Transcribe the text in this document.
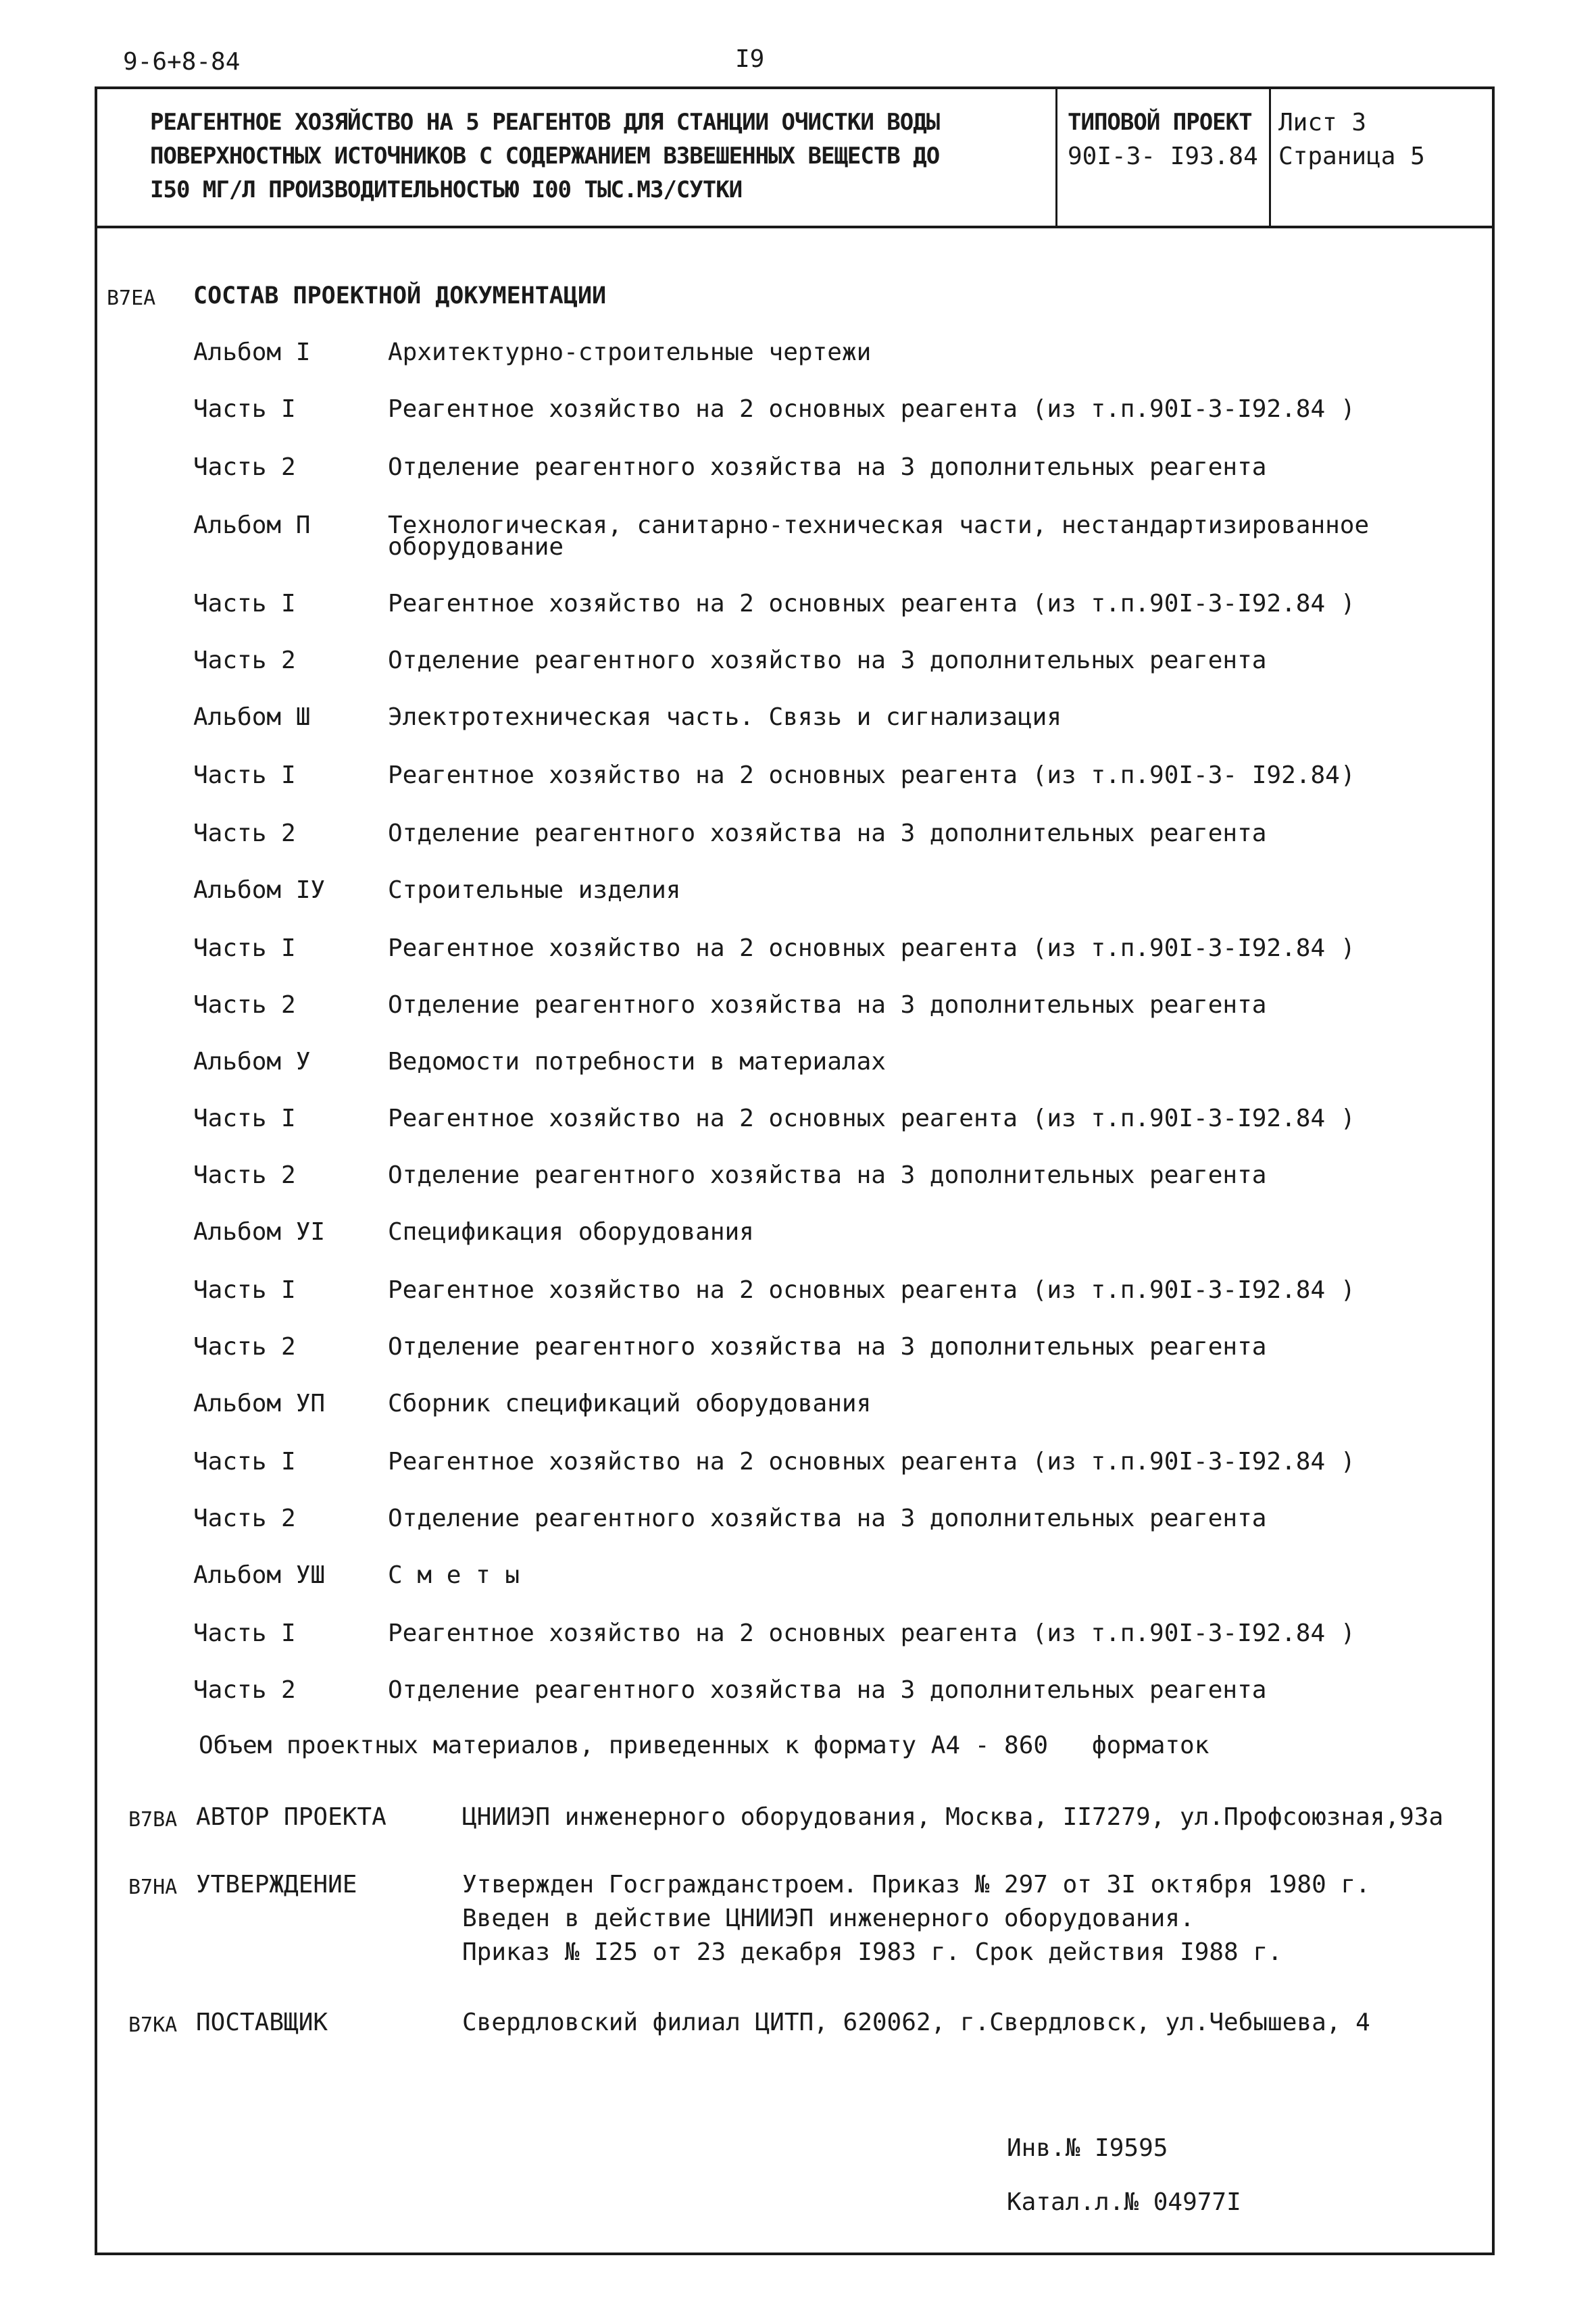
9-6+8-84	I9
РЕАГЕНТНОЕ ХОЗЯЙСТВО НА 5 РЕАГЕНТОВ ДЛЯ СТАНЦИИ ОЧИСТКИ ВОДЫ
ПОВЕРХНОСТНЫХ ИСТОЧНИКОВ С СОДЕРЖАНИЕМ ВЗВЕШЕННЫХ ВЕЩЕСТВ ДО
I50 МГ/Л ПРОИЗВОДИТЕЛЬНОСТЬЮ I00 ТЫС.М3/СУТКИ
ТИПОВОЙ ПРОЕКТ
90I-3- I93.84
Лист 3
Страница 5
В7ЕА СОСТАВ ПРОЕКТНОЙ ДОКУМЕНТАЦИИ
Альбом I	Архитектурно-строительные чертежи
Часть I	Реагентное хозяйство на 2 основных реагента (из т.п.90I-3-I92.84 )
Часть 2	Отделение реагентного хозяйства на 3 дополнительных реагента
Альбом П	Технологическая, санитарно-техническая части, нестандартизированное
оборудование
Часть I	Реагентное хозяйство на 2 основных реагента (из т.п.90I-3-I92.84 )
Часть 2	Отделение реагентного хозяйство на 3 дополнительных реагента
Альбом Ш	Электротехническая часть. Связь и сигнализация
Часть I	Реагентное хозяйство на 2 основных реагента (из т.п.90I-3- I92.84 )
Часть 2	Отделение реагентного хозяйства на 3 дополнительных реагента
Альбом IУ	Строительные изделия
Часть I	Реагентное хозяйство на 2 основных реагента (из т.п.90I-3-I92.84 )
Часть 2	Отделение реагентного хозяйства на 3 дополнительных реагента
Альбом У	Ведомости потребности в материалах
Часть I	Реагентное хозяйство на 2 основных реагента (из т.п.90I-3-I92.84 )
Часть 2	Отделение реагентного хозяйства на 3 дополнительных реагента
Альбом УI	Спецификация оборудования
Часть I	Реагентное хозяйство на 2 основных реагента (из т.п.90I-3-I92.84 )
Часть 2	Отделение реагентного хозяйства на 3 дополнительных реагента
Альбом УП	Сборник спецификаций оборудования
Часть I	Реагентное хозяйство на 2 основных реагента (из т.п.90I-3-I92.84 )
Часть 2	Отделение реагентного хозяйства на 3 дополнительных реагента
Альбом УШ	С м е т ы
Часть I	Реагентное хозяйство на 2 основных реагента (из т.п.90I-3-I92.84 )
Часть 2	Отделение реагентного хозяйства на 3 дополнительных реагента
Объем проектных материалов, приведенных к формату А4 - 860 форматок
В7ВА АВТОР ПРОЕКТА	ЦНИИЭП инженерного оборудования, Москва, II7279, ул.Профсоюзная,93а
В7НА УТВЕРЖДЕНИЕ	Утвержден Госгражданстроем. Приказ № 297 от 3I октября 1980 г.
Введен в действие ЦНИИЭП инженерного оборудования.
Приказ № I25 от 23 декабря I983 г. Срок действия I988 г.
В7КА ПОСТАВЩИК	Свердловский филиал ЦИТП, 620062, г.Свердловск, ул.Чебышева, 4
Инв.№ I9595
Катал.л.№ 04977I
